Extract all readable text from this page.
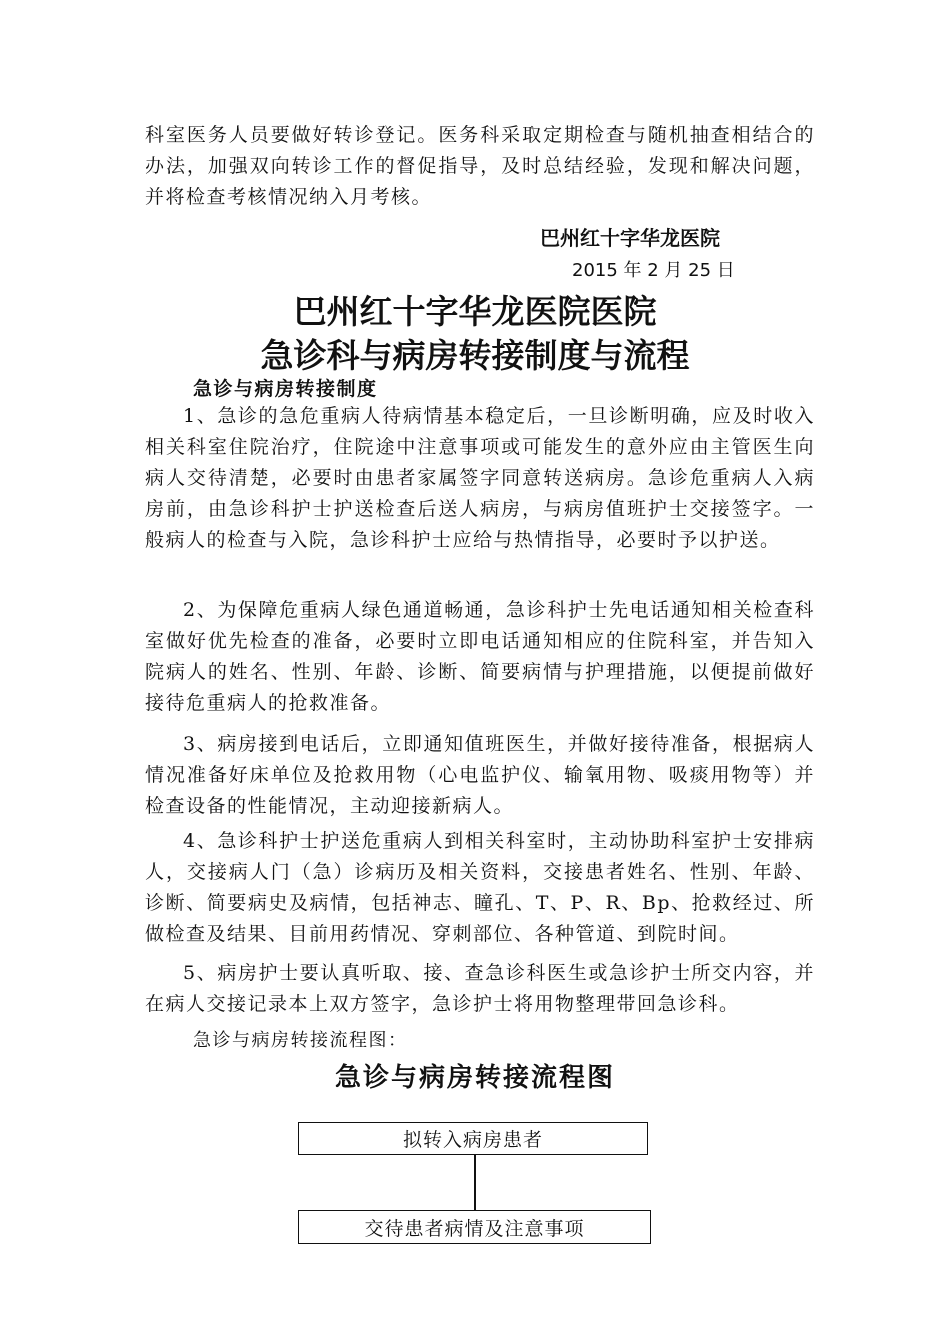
科室医务人员要做好转诊登记。医务科采取定期检查与随机抽查相结合的办法，加强双向转诊工作的督促指导，及时总结经验，发现和解决问题，并将检查考核情况纳入月考核。

巴州红十字华龙医院
2015 年 2 月 25 日
巴州红十字华龙医院医院
急诊科与病房转接制度与流程
急诊与病房转接制度

1、急诊的急危重病人待病情基本稳定后，一旦诊断明确，应及时收入相关科室住院治疗，住院途中注意事项或可能发生的意外应由主管医生向病人交待清楚，必要时由患者家属签字同意转送病房。急诊危重病人入病房前，由急诊科护士护送检查后送人病房，与病房值班护士交接签字。一般病人的检查与入院，急诊科护士应给与热情指导，必要时予以护送。

2、为保障危重病人绿色通道畅通，急诊科护士先电话通知相关检查科室做好优先检查的准备，必要时立即电话通知相应的住院科室，并告知入院病人的姓名、性别、年龄、诊断、简要病情与护理措施，以便提前做好接待危重病人的抢救准备。

3、病房接到电话后，立即通知值班医生，并做好接待准备，根据病人情况准备好床单位及抢救用物（心电监护仪、输氧用物、吸痰用物等）并检查设备的性能情况，主动迎接新病人。

4、急诊科护士护送危重病人到相关科室时，主动协助科室护士安排病人，交接病人门（急）诊病历及相关资料，交接患者姓名、性别、年龄、诊断、简要病史及病情，包括神志、瞳孔、T、P、R、Bp、抢救经过、所做检查及结果、目前用药情况、穿刺部位、各种管道、到院时间。

5、病房护士要认真听取、接、查急诊科医生或急诊护士所交内容，并在病人交接记录本上双方签字，急诊护士将用物整理带回急诊科。

急诊与病房转接流程图：
急诊与病房转接流程图
拟转入病房患者
交待患者病情及注意事项
